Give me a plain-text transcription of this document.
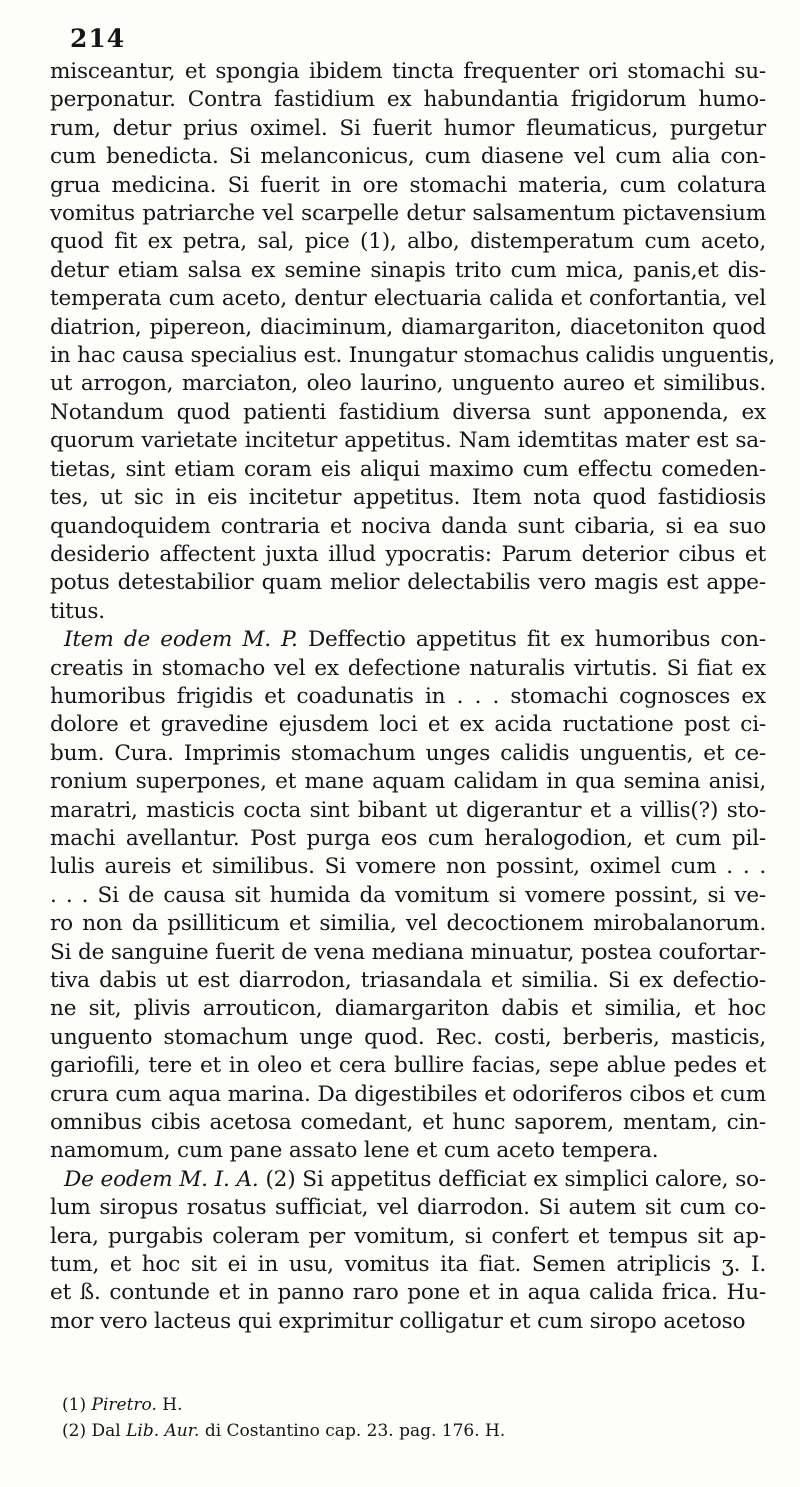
214
misceantur, et spongia ibidem tincta frequenter ori stomachi su-
perponatur. Contra fastidium ex habundantia frigidorum humo-
rum, detur prius oximel. Si fuerit humor fleumaticus, purgetur
cum benedicta. Si melanconicus, cum diasene vel cum alia con-
grua medicina. Si fuerit in ore stomachi materia, cum colatura
vomitus patriarche vel scarpelle detur salsamentum pictavensium
quod fit ex petra, sal, pice (1), albo, distemperatum cum aceto,
detur etiam salsa ex semine sinapis trito cum mica, panis,et dis-
temperata cum aceto, dentur electuaria calida et confortantia, vel
diatrion, pipereon, diaciminum, diamargariton, diacetoniton quod
in hac causa specialius est. Inungatur stomachus calidis unguentis,
ut arrogon, marciaton, oleo laurino, unguento aureo et similibus.
Notandum quod patienti fastidium diversa sunt apponenda, ex
quorum varietate incitetur appetitus. Nam idemtitas mater est sa-
tietas, sint etiam coram eis aliqui maximo cum effectu comeden-
tes, ut sic in eis incitetur appetitus. Item nota quod fastidiosis
quandoquidem contraria et nociva danda sunt cibaria, si ea suo
desiderio affectent juxta illud ypocratis: Parum deterior cibus et
potus detestabilior quam melior delectabilis vero magis est appe-
titus.
Item de eodem M. P. Deffectio appetitus fit ex humoribus con-
creatis in stomacho vel ex defectione naturalis virtutis. Si fiat ex
humoribus frigidis et coadunatis in . . . stomachi cognosces ex
dolore et gravedine ejusdem loci et ex acida ructatione post ci-
bum. Cura. Imprimis stomachum unges calidis unguentis, et ce-
ronium superpones, et mane aquam calidam in qua semina anisi,
maratri, masticis cocta sint bibant ut digerantur et a villis(?) sto-
machi avellantur. Post purga eos cum heralogodion, et cum pil-
lulis aureis et similibus. Si vomere non possint, oximel cum . . .
. . . Si de causa sit humida da vomitum si vomere possint, si ve-
ro non da psilliticum et similia, vel decoctionem mirobalanorum.
Si de sanguine fuerit de vena mediana minuatur, postea coufortar-
tiva dabis ut est diarrodon, triasandala et similia. Si ex defectio-
ne sit, plivis arrouticon, diamargariton dabis et similia, et hoc
unguento stomachum unge quod. Rec. costi, berberis, masticis,
gariofili, tere et in oleo et cera bullire facias, sepe ablue pedes et
crura cum aqua marina. Da digestibiles et odoriferos cibos et cum
omnibus cibis acetosa comedant, et hunc saporem, mentam, cin-
namomum, cum pane assato lene et cum aceto tempera.
De eodem M. I. A. (2) Si appetitus defficiat ex simplici calore, so-
lum siropus rosatus sufficiat, vel diarrodon. Si autem sit cum co-
lera, purgabis coleram per vomitum, si confert et tempus sit ap-
tum, et hoc sit ei in usu, vomitus ita fiat. Semen atriplicis ʒ. I.
et ß. contunde et in panno raro pone et in aqua calida frica. Hu-
mor vero lacteus qui exprimitur colligatur et cum siropo acetoso
(1) Piretro. H.
(2) Dal Lib. Aur. di Costantino cap. 23. pag. 176. H.
